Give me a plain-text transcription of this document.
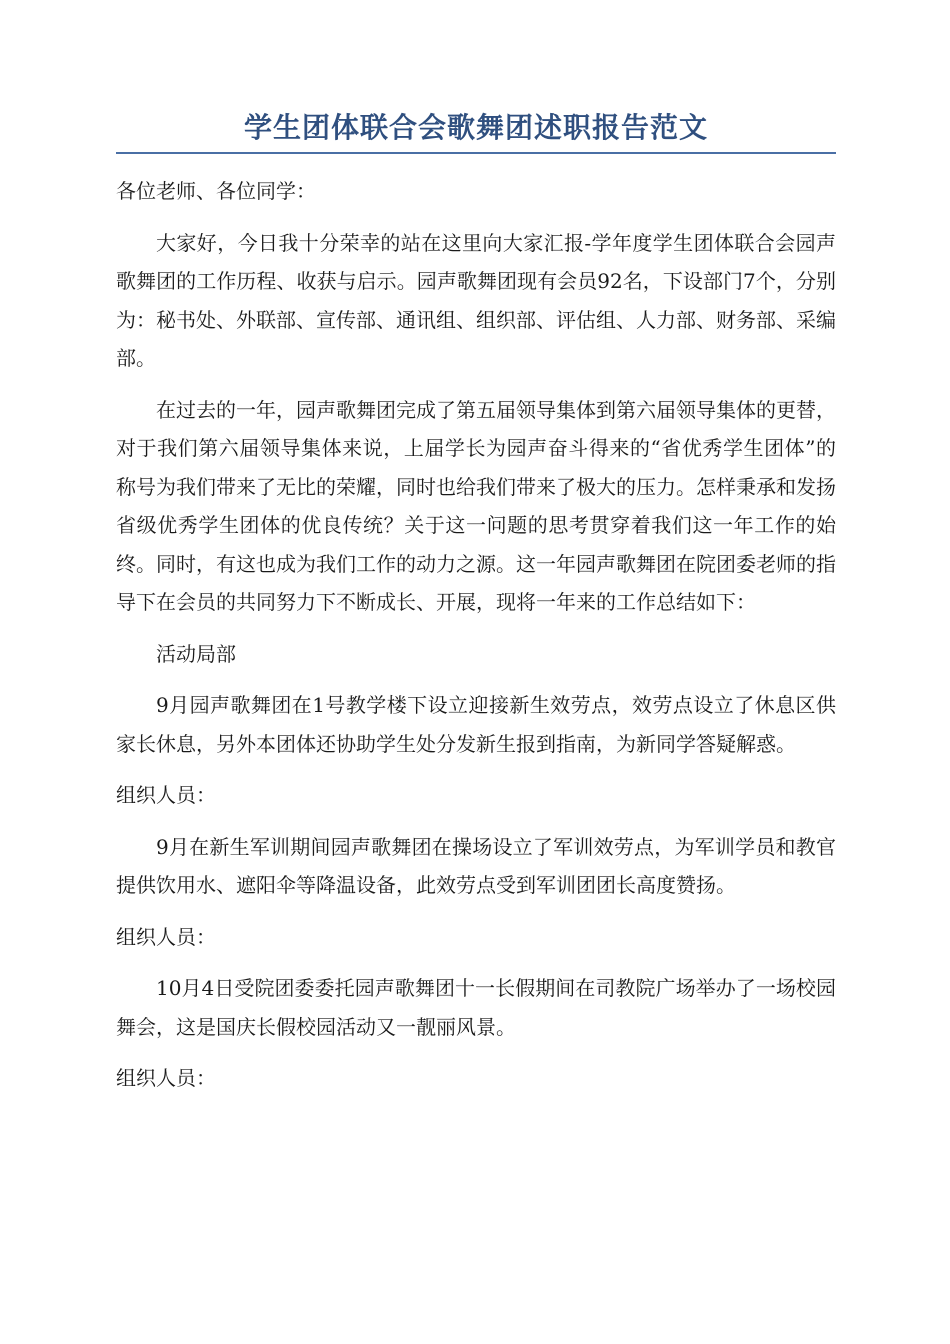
学生团体联合会歌舞团述职报告范文

各位老师、各位同学：

大家好，今日我十分荣幸的站在这里向大家汇报-学年度学生团体联合会园声歌舞团的工作历程、收获与启示。园声歌舞团现有会员92名，下设部门7个，分别为：秘书处、外联部、宣传部、通讯组、组织部、评估组、人力部、财务部、采编部。

在过去的一年，园声歌舞团完成了第五届领导集体到第六届领导集体的更替，对于我们第六届领导集体来说，上届学长为园声奋斗得来的“省优秀学生团体”的称号为我们带来了无比的荣耀，同时也给我们带来了极大的压力。怎样秉承和发扬省级优秀学生团体的优良传统？关于这一问题的思考贯穿着我们这一年工作的始终。同时，有这也成为我们工作的动力之源。这一年园声歌舞团在院团委老师的指导下在会员的共同努力下不断成长、开展，现将一年来的工作总结如下：

活动局部

9月园声歌舞团在1号教学楼下设立迎接新生效劳点，效劳点设立了休息区供家长休息，另外本团体还协助学生处分发新生报到指南，为新同学答疑解惑。

组织人员：

9月在新生军训期间园声歌舞团在操场设立了军训效劳点，为军训学员和教官提供饮用水、遮阳伞等降温设备，此效劳点受到军训团团长高度赞扬。

组织人员：

10月4日受院团委委托园声歌舞团十一长假期间在司教院广场举办了一场校园舞会，这是国庆长假校园活动又一靓丽风景。

组织人员：
